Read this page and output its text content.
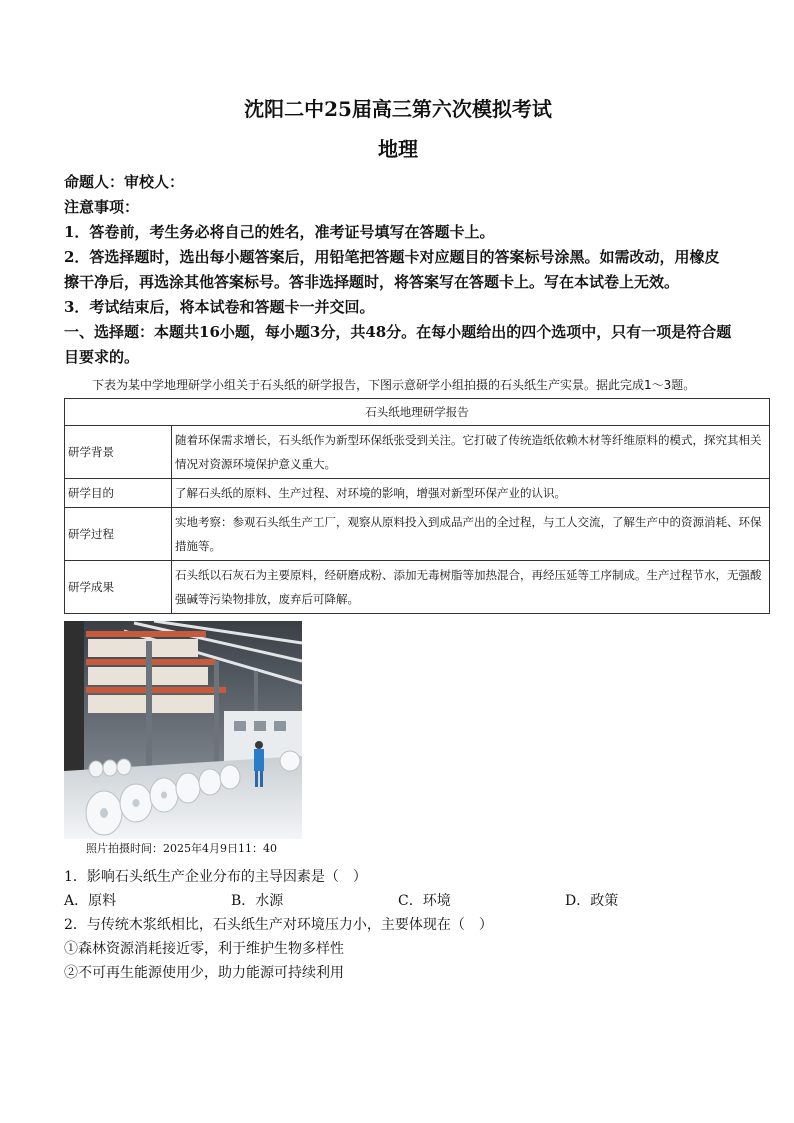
沈阳二中25届高三第六次模拟考试

地理

命题人：审校人：

注意事项：

1．答卷前，考生务必将自己的姓名，准考证号填写在答题卡上。

2．答选择题时，选出每小题答案后，用铅笔把答题卡对应题目的答案标号涂黑。如需改动，用橡皮擦干净后，再选涂其他答案标号。答非选择题时，将答案写在答题卡上。写在本试卷上无效。

3．考试结束后，将本试卷和答题卡一并交回。

一、选择题：本题共16小题，每小题3分，共48分。在每小题给出的四个选项中，只有一项是符合题目要求的。

下表为某中学地理研学小组关于石头纸的研学报告，下图示意研学小组拍摄的石头纸生产实景。据此完成1～3题。

石头纸地理研学报告	
研学背景	随着环保需求增长，石头纸作为新型环保纸张受到关注。它打破了传统造纸依赖木材等纤维原料的模式，探究其相关情况对资源环境保护意义重大。
研学目的	了解石头纸的原料、生产过程、对环境的影响，增强对新型环保产业的认识。
研学过程	实地考察：参观石头纸生产工厂，观察从原料投入到成品产出的全过程，与工人交流，了解生产中的资源消耗、环保措施等。
研学成果	石头纸以石灰石为主要原料，经研磨成粉、添加无毒树脂等加热混合，再经压延等工序制成。生产过程节水，无强酸强碱等污染物排放，废弃后可降解。

照片拍摄时间：2025年4月9日11：40

1．影响石头纸生产企业分布的主导因素是（　）

A．原料	B．水源	C．环境	D．政策

2．与传统木浆纸相比，石头纸生产对环境压力小，主要体现在（　）

①森林资源消耗接近零，利于维护生物多样性

②不可再生能源使用少，助力能源可持续利用
